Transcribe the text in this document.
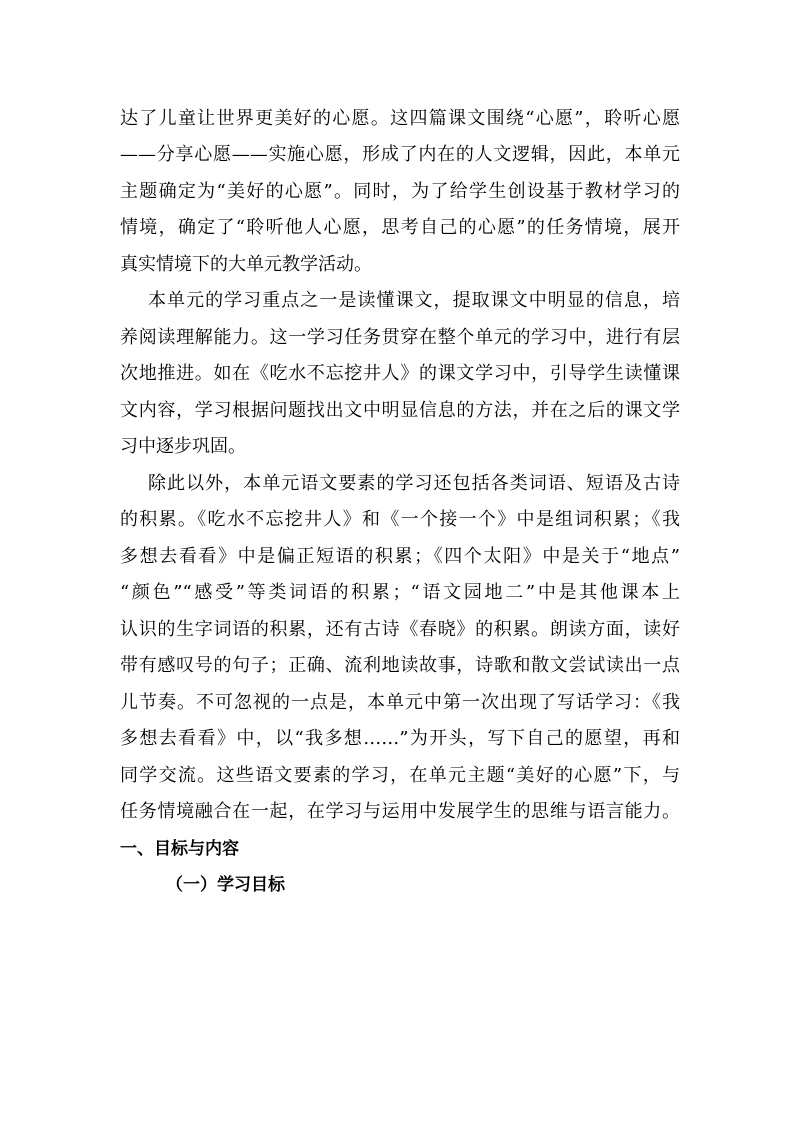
达了儿童让世界更美好的心愿。这四篇课文围绕“心愿”，聆听心愿
——分享心愿——实施心愿，形成了内在的人文逻辑，因此，本单元
主题确定为“美好的心愿”。同时，为了给学生创设基于教材学习的
情境，确定了“聆听他人心愿，思考自己的心愿”的任务情境，展开
真实情境下的大单元教学活动。
本单元的学习重点之一是读懂课文，提取课文中明显的信息，培
养阅读理解能力。这一学习任务贯穿在整个单元的学习中，进行有层
次地推进。如在《吃水不忘挖井人》的课文学习中，引导学生读懂课
文内容，学习根据问题找出文中明显信息的方法，并在之后的课文学
习中逐步巩固。
除此以外，本单元语文要素的学习还包括各类词语、短语及古诗
的积累。《吃水不忘挖井人》和《一个接一个》中是组词积累；《我
多想去看看》中是偏正短语的积累；《四个太阳》中是关于“地点”
“颜色”“感受”等类词语的积累；“语文园地二”中是其他课本上
认识的生字词语的积累，还有古诗《春晓》的积累。朗读方面，读好
带有感叹号的句子；正确、流利地读故事，诗歌和散文尝试读出一点
儿节奏。不可忽视的一点是，本单元中第一次出现了写话学习：《我
多想去看看》中，以“我多想……”为开头，写下自己的愿望，再和
同学交流。这些语文要素的学习，在单元主题“美好的心愿”下，与
任务情境融合在一起，在学习与运用中发展学生的思维与语言能力。
一、目标与内容
（一）学习目标
